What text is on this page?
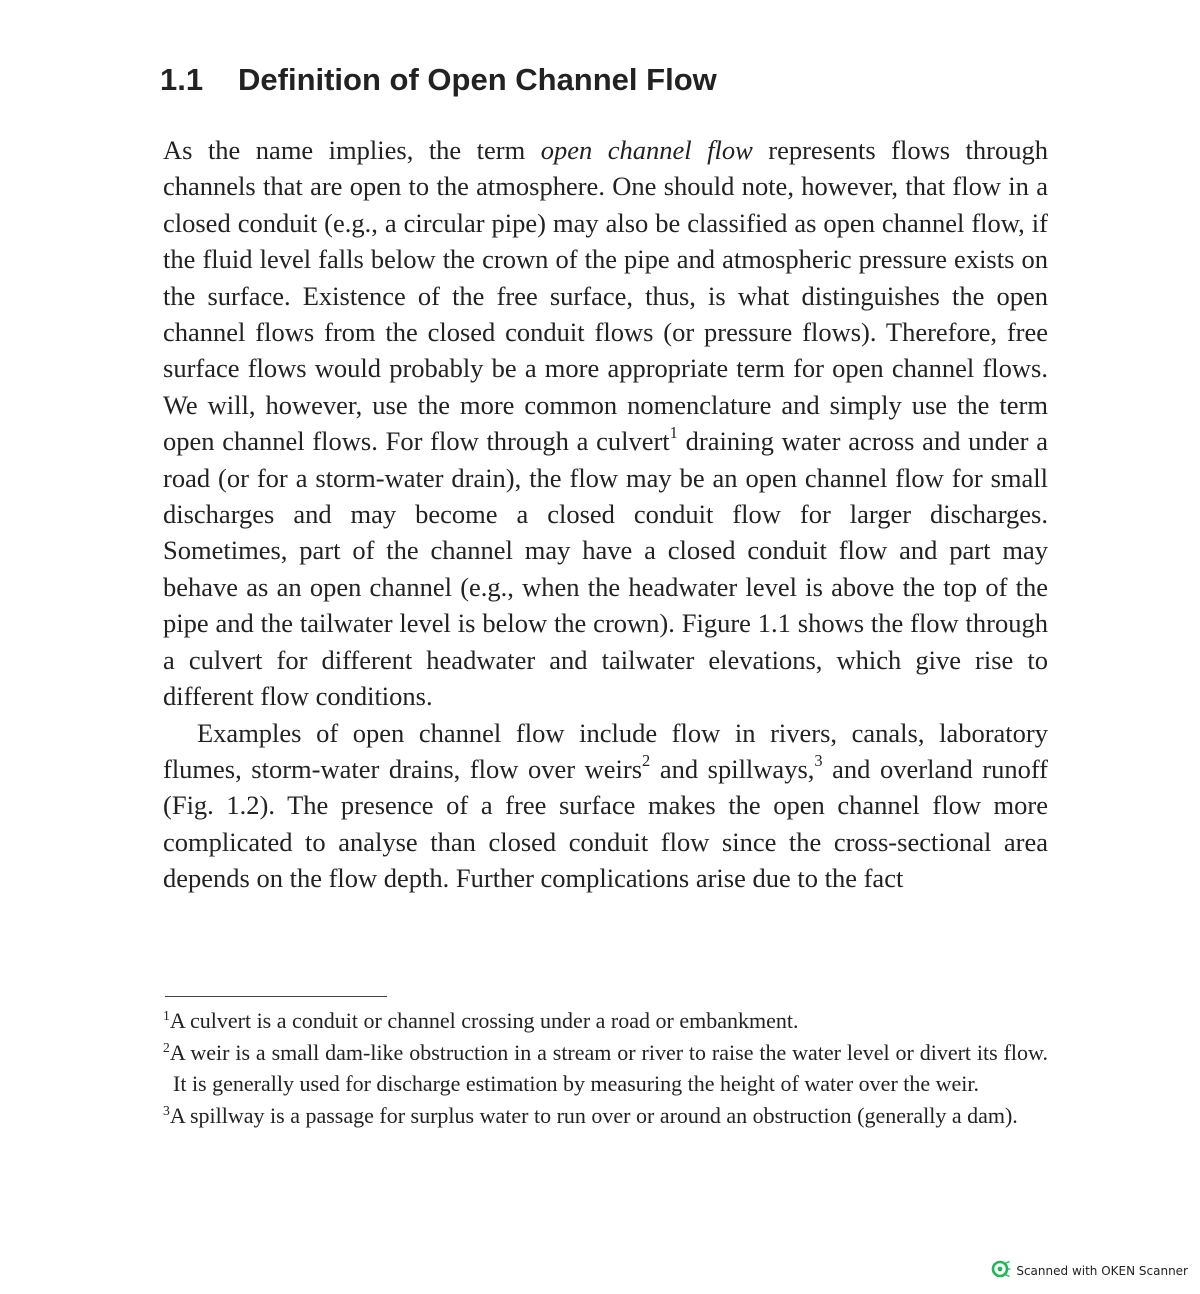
1.1 Definition of Open Channel Flow

As the name implies, the term open channel flow represents flows through channels that are open to the atmosphere. One should note, however, that flow in a closed conduit (e.g., a circular pipe) may also be classified as open channel flow, if the fluid level falls below the crown of the pipe and atmospheric pressure exists on the surface. Existence of the free surface, thus, is what distinguishes the open channel flows from the closed conduit flows (or pressure flows). Therefore, free surface flows would probably be a more appropriate term for open channel flows. We will, however, use the more common nomenclature and simply use the term open channel flows. For flow through a culvert$^1$ draining water across and under a road (or for a storm-water drain), the flow may be an open channel flow for small discharges and may become a closed conduit flow for larger discharges. Sometimes, part of the channel may have a closed conduit flow and part may behave as an open channel (e.g., when the headwater level is above the top of the pipe and the tailwater level is below the crown). Figure 1.1 shows the flow through a culvert for different headwater and tailwater elevations, which give rise to different flow conditions.

Examples of open channel flow include flow in rivers, canals, laboratory flumes, storm-water drains, flow over weirs$^2$ and spillways,$^3$ and overland runoff (Fig. 1.2). The presence of a free surface makes the open channel flow more complicated to analyse than closed conduit flow since the cross-sectional area depends on the flow depth. Further complications arise due to the fact

$^1$A culvert is a conduit or channel crossing under a road or embankment.

$^2$A weir is a small dam-like obstruction in a stream or river to raise the water level or divert its flow. It is generally used for discharge estimation by measuring the height of water over the weir.

$^3$A spillway is a passage for surplus water to run over or around an obstruction (generally a dam).

Scanned with OKEN Scanner
